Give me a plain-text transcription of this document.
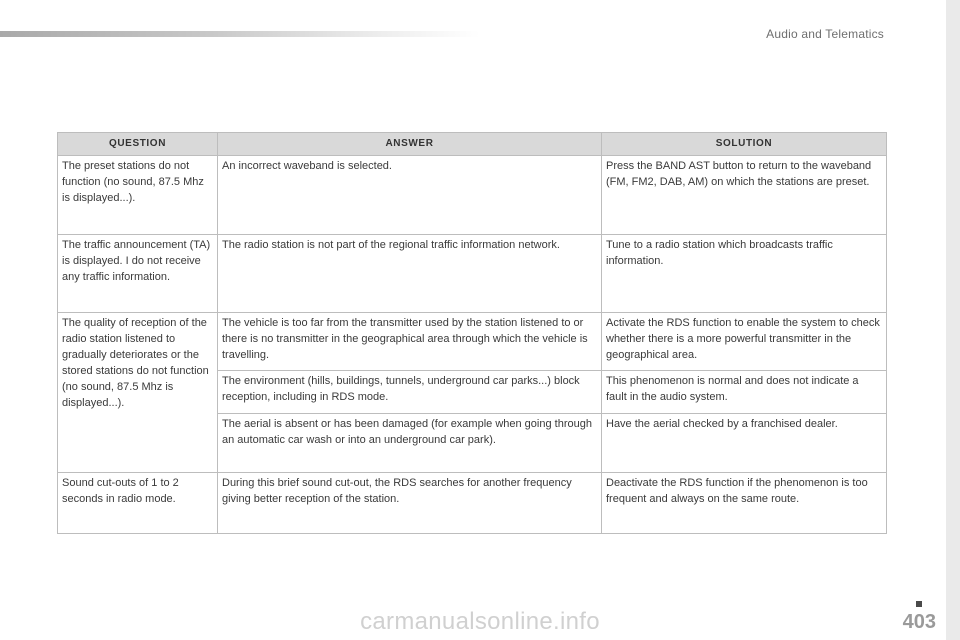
Audio and Telematics
QUESTION	ANSWER	SOLUTION
The preset stations do not function (no sound, 87.5 Mhz is displayed...).	An incorrect waveband is selected.	Press the BAND AST button to return to the waveband (FM, FM2, DAB, AM) on which the stations are preset.
The traffic announcement (TA) is displayed. I do not receive any traffic information.	The radio station is not part of the regional traffic information network.	Tune to a radio station which broadcasts traffic information.
The quality of reception of the radio station listened to gradually deteriorates or the stored stations do not function (no sound, 87.5 Mhz is displayed...).	The vehicle is too far from the transmitter used by the station listened to or there is no transmitter in the geographical area through which the vehicle is travelling.	Activate the RDS function to enable the system to check whether there is a more powerful transmitter in the geographical area.
	The environment (hills, buildings, tunnels, underground car parks...) block reception, including in RDS mode.	This phenomenon is normal and does not indicate a fault in the audio system.
	The aerial is absent or has been damaged (for example when going through an automatic car wash or into an underground car park).	Have the aerial checked by a franchised dealer.
Sound cut-outs of 1 to 2 seconds in radio mode.	During this brief sound cut-out, the RDS searches for another frequency giving better reception of the station.	Deactivate the RDS function if the phenomenon is too frequent and always on the same route.
403
carmanualsonline.info
